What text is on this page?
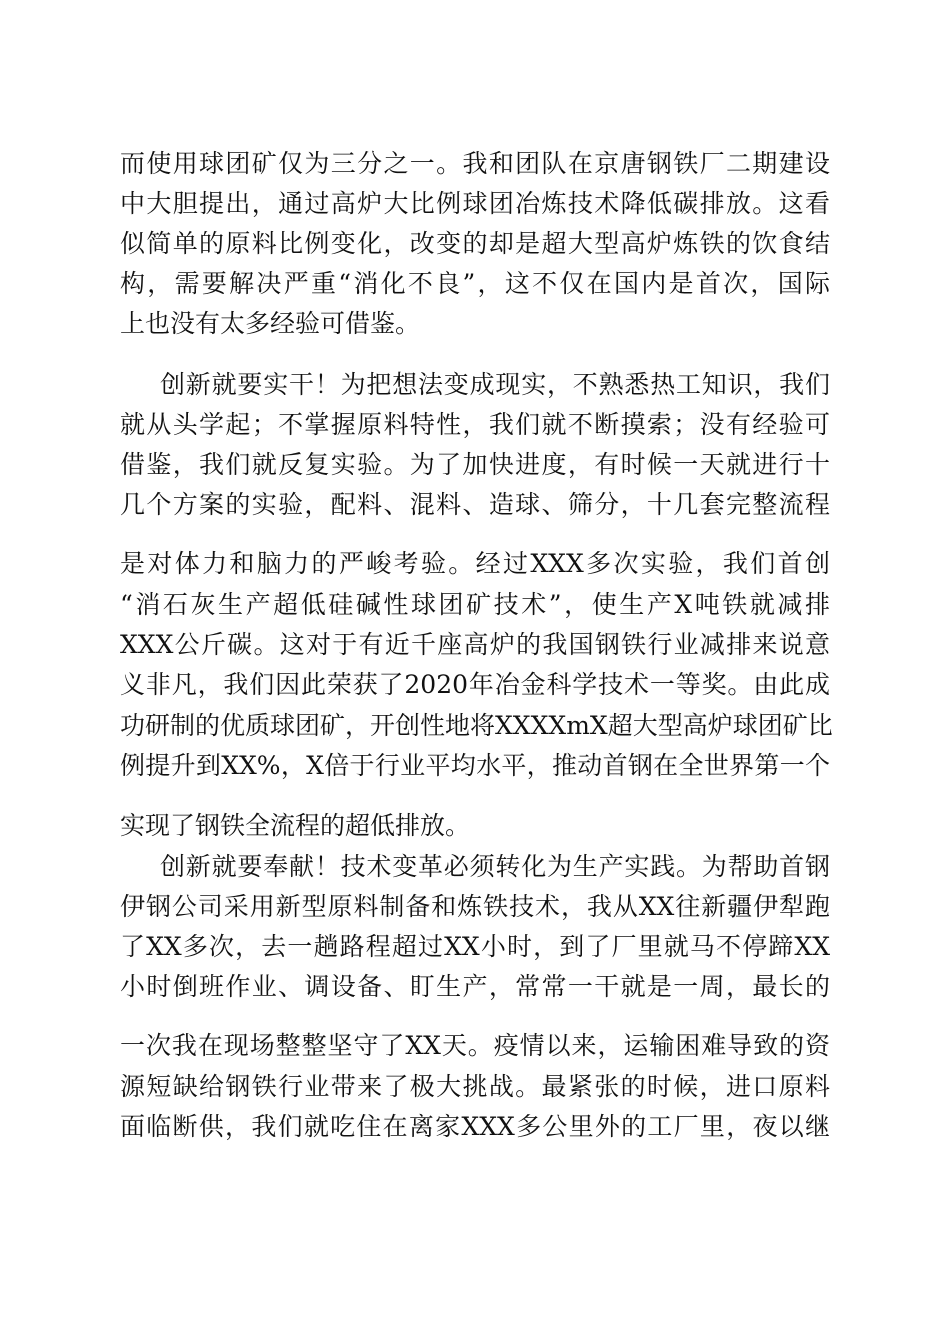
而使用球团矿仅为三分之一。我和团队在京唐钢铁厂二期建设
中大胆提出，通过高炉大比例球团冶炼技术降低碳排放。这看
似简单的原料比例变化，改变的却是超大型高炉炼铁的饮食结
构，需要解决严重“消化不良”，这不仅在国内是首次，国际
上也没有太多经验可借鉴。
创新就要实干！为把想法变成现实，不熟悉热工知识，我们
就从头学起；不掌握原料特性，我们就不断摸索；没有经验可
借鉴，我们就反复实验。为了加快进度，有时候一天就进行十
几个方案的实验，配料、混料、造球、筛分，十几套完整流程
是对体力和脑力的严峻考验。经过XXX多次实验，我们首创
“消石灰生产超低硅碱性球团矿技术”，使生产X吨铁就减排
XXX公斤碳。这对于有近千座高炉的我国钢铁行业减排来说意
义非凡，我们因此荣获了2020年冶金科学技术一等奖。由此成
功研制的优质球团矿，开创性地将XXXXmX超大型高炉球团矿比
例提升到XX%，X倍于行业平均水平，推动首钢在全世界第一个
实现了钢铁全流程的超低排放。
创新就要奉献！技术变革必须转化为生产实践。为帮助首钢
伊钢公司采用新型原料制备和炼铁技术，我从XX往新疆伊犁跑
了XX多次，去一趟路程超过XX小时，到了厂里就马不停蹄XX
小时倒班作业、调设备、盯生产，常常一干就是一周，最长的
一次我在现场整整坚守了XX天。疫情以来，运输困难导致的资
源短缺给钢铁行业带来了极大挑战。最紧张的时候，进口原料
面临断供，我们就吃住在离家XXX多公里外的工厂里，夜以继
